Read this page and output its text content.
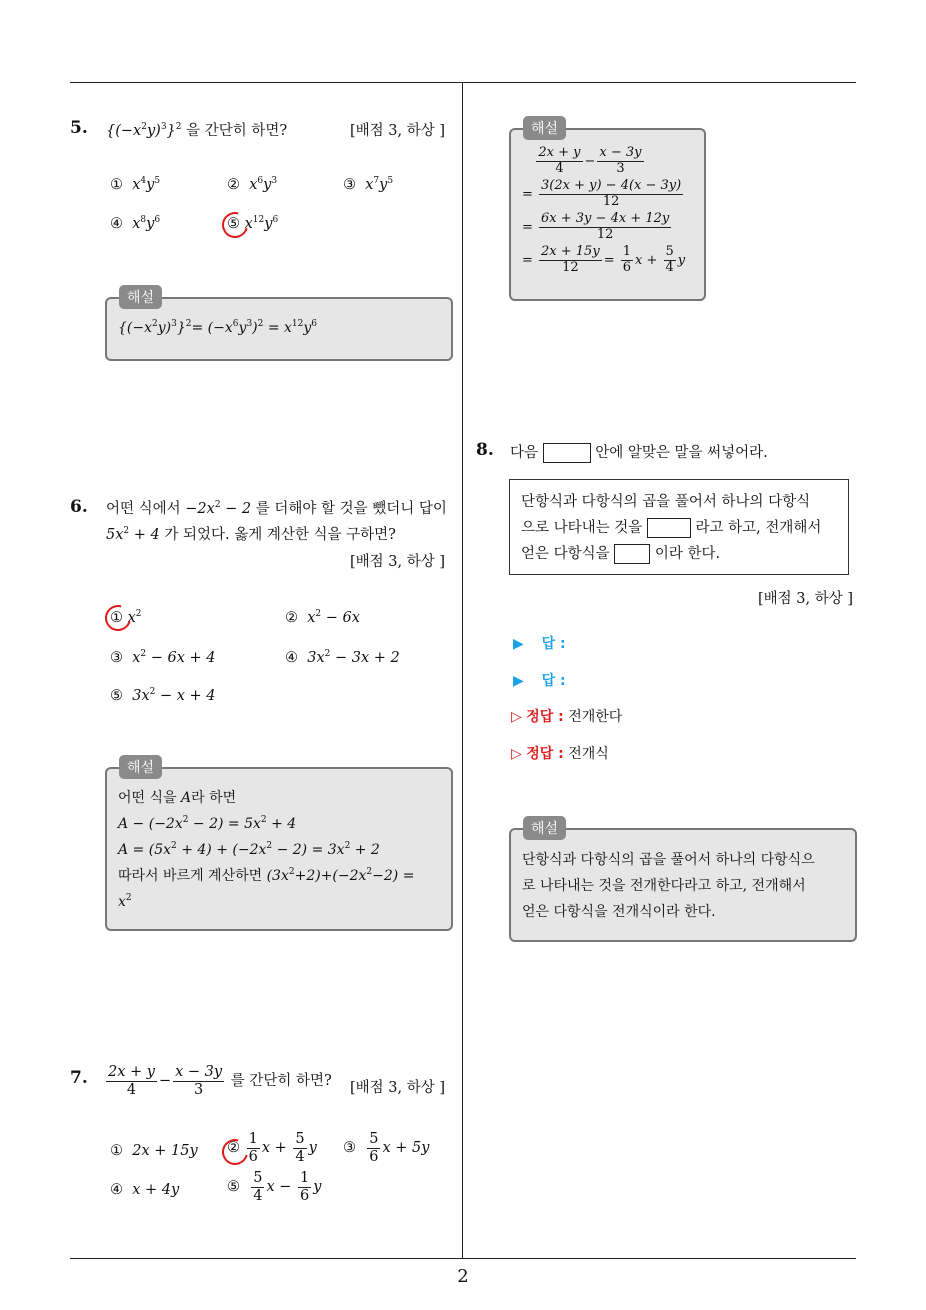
5. $\{(-x^2y)^3\}^2$ 을 간단히 하면?	[배점 3, 하상 ]
① $x^4y^5$	② $x^6y^3$	③ $x^7y^5$
④ $x^8y^6$	⑤ $x^{12}y^6$
해설
$\{(-x^2y)^3\}^2= (-x^6y^3)^2 = x^{12}y^6$
6. 어떤 식에서 $-2x^2 - 2$ 를 더해야 할 것을 뺐더니 답이
$5x^2 + 4$ 가 되었다. 옳게 계산한 식을 구하면?
[배점 3, 하상 ]
① $x^2$	② $x^2 - 6x$
③ $x^2 - 6x + 4$	④ $3x^2 - 3x + 2$
⑤ $3x^2 - x + 4$
해설
어떤 식을 A라 하면
$A - (-2x^2 - 2) = 5x^2 + 4$
$A = (5x^2 + 4) + (-2x^2 - 2) = 3x^2 + 2$
따라서 바르게 계산하면 $(3x^2+2)+(-2x^2-2)$ =
$x^2$
7. $\frac{2x + y}{4} - \frac{x - 3y}{3}$ 를 간단히 하면? [배점 3, 하상 ]
① 2x + 15y ② $\frac{1}{6}$ $x + \frac{5}{4}$ y ③ $\frac{5}{6}$ x + 5y
④ x + 4y	⑤ $\frac{5}{4}$ $x - \frac{1}{6}$ y
해설

$\frac{2x + y}{4} - \frac{x - 3y}{3}$
= $\frac{3(2x + y) - 4(x - 3y)}{12}$
= $\frac{6x + 3y - 4x + 12y}{12}$
= $\frac{2x + 15y}{12} = \frac{1}{6}$ $x + \frac{5}{4}$ y
8. 다음	안에 알맞은 말을 써넣어라.
단항식과 다항식의 곱을 풀어서 하나의 다항식
으로 나타내는 것을	라고 하고, 전개해서
얻은 다항식을	이라 한다.
[배점 3, 하상 ]
▶ 답 :
▶ 답 :
▷ 정답 : 전개한다
▷ 정답 : 전개식
해설
단항식과 다항식의 곱을 풀어서 하나의 다항식으
로 나타내는 것을 전개한다라고 하고, 전개해서
얻은 다항식을 전개식이라 한다.
2
